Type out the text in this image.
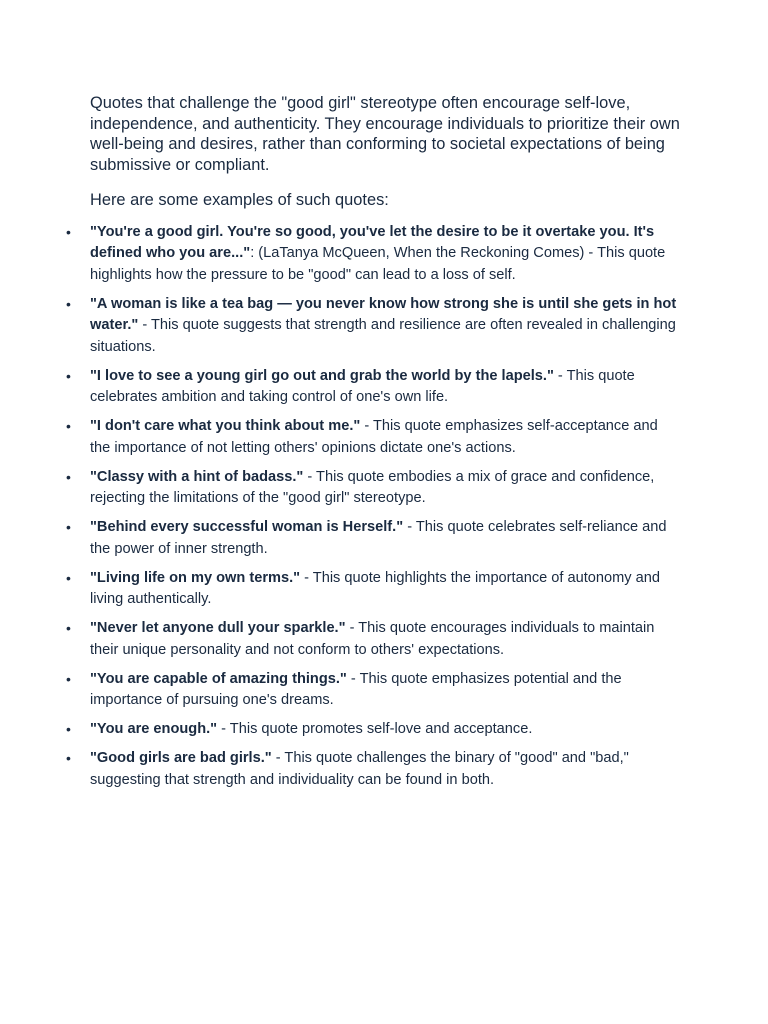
Quotes that challenge the "good girl" stereotype often encourage self-love, independence, and authenticity. They encourage individuals to prioritize their own well-being and desires, rather than conforming to societal expectations of being submissive or compliant.

Here are some examples of such quotes:

• "You're a good girl. You're so good, you've let the desire to be it overtake you. It's defined who you are...": (LaTanya McQueen, When the Reckoning Comes) - This quote highlights how the pressure to be "good" can lead to a loss of self.
• "A woman is like a tea bag — you never know how strong she is until she gets in hot water." - This quote suggests that strength and resilience are often revealed in challenging situations.
• "I love to see a young girl go out and grab the world by the lapels." - This quote celebrates ambition and taking control of one's own life.
• "I don't care what you think about me." - This quote emphasizes self-acceptance and the importance of not letting others' opinions dictate one's actions.
• "Classy with a hint of badass." - This quote embodies a mix of grace and confidence, rejecting the limitations of the "good girl" stereotype.
• "Behind every successful woman is Herself." - This quote celebrates self-reliance and the power of inner strength.
• "Living life on my own terms." - This quote highlights the importance of autonomy and living authentically.
• "Never let anyone dull your sparkle." - This quote encourages individuals to maintain their unique personality and not conform to others' expectations.
• "You are capable of amazing things." - This quote emphasizes potential and the importance of pursuing one's dreams.
• "You are enough." - This quote promotes self-love and acceptance.
• "Good girls are bad girls." - This quote challenges the binary of "good" and "bad," suggesting that strength and individuality can be found in both.
